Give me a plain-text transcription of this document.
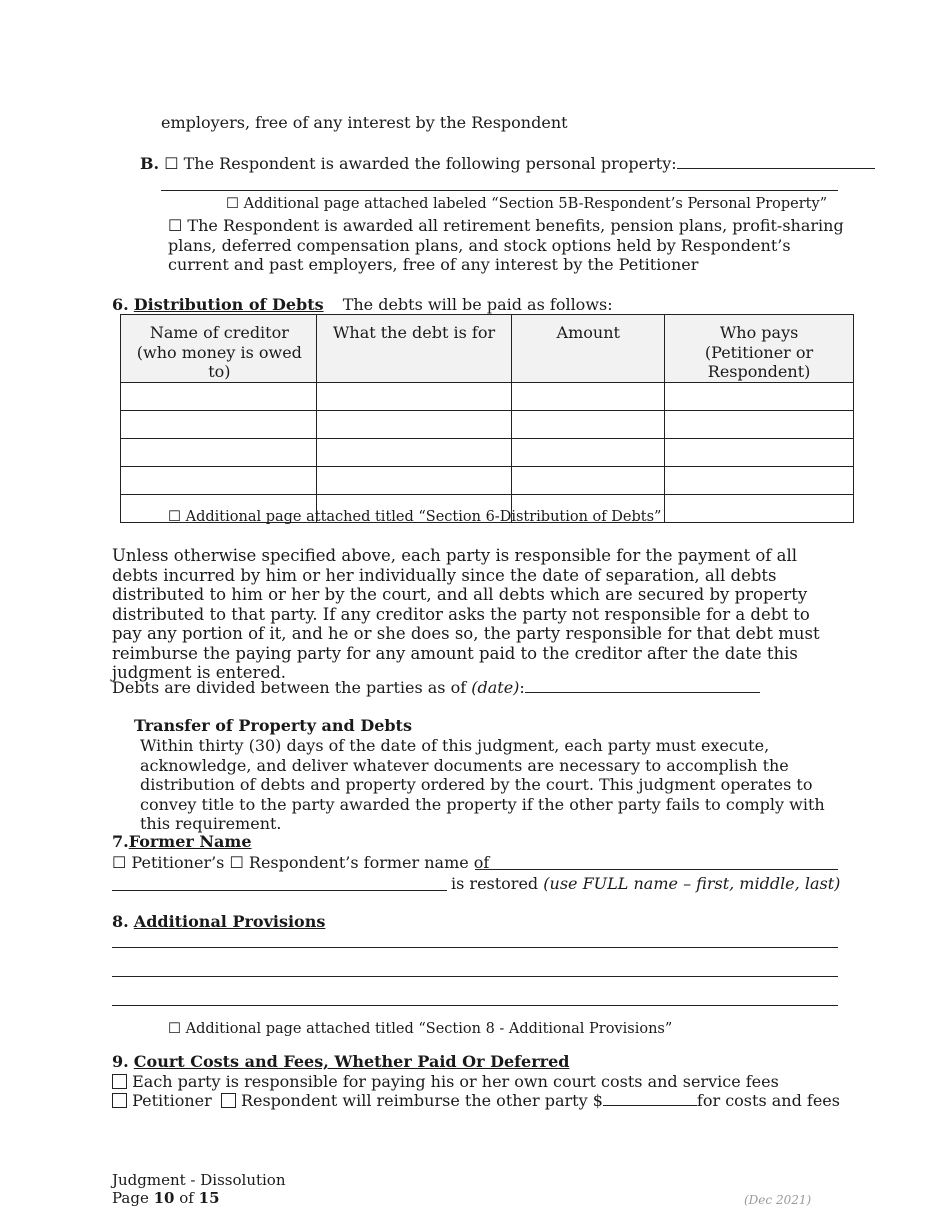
employers, free of any interest by the Respondent
B. ☐ The Respondent is awarded the following personal property:
☐ Additional page attached labeled “Section 5B-Respondent’s Personal Property”
☐ The Respondent is awarded all retirement benefits, pension plans, profit-sharing plans, deferred compensation plans, and stock options held by Respondent’s current and past employers, free of any interest by the Petitioner
6. Distribution of Debts The debts will be paid as follows:
Name of creditor (who money is owed to)	What the debt is for	Amount	Who pays (Petitioner or Respondent)

☐ Additional page attached titled “Section 6-Distribution of Debts”
Unless otherwise specified above, each party is responsible for the payment of all debts incurred by him or her individually since the date of separation, all debts distributed to him or her by the court, and all debts which are secured by property distributed to that party. If any creditor asks the party not responsible for a debt to pay any portion of it, and he or she does so, the party responsible for that debt must reimburse the paying party for any amount paid to the creditor after the date this judgment is entered.
Debts are divided between the parties as of (date):
Transfer of Property and Debts
Within thirty (30) days of the date of this judgment, each party must execute, acknowledge, and deliver whatever documents are necessary to accomplish the distribution of debts and property ordered by the court. This judgment operates to convey title to the party awarded the property if the other party fails to comply with this requirement.
7.Former Name
☐ Petitioner’s ☐ Respondent’s former name of
is restored (use FULL name – first, middle, last)
8. Additional Provisions
☐ Additional page attached titled “Section 8 - Additional Provisions”
9. Court Costs and Fees, Whether Paid Or Deferred
Each party is responsible for paying his or her own court costs and service fees
Petitioner Respondent will reimburse the other party $	for costs and fees
Judgment - Dissolution
Page 10 of 15	(Dec 2021)
